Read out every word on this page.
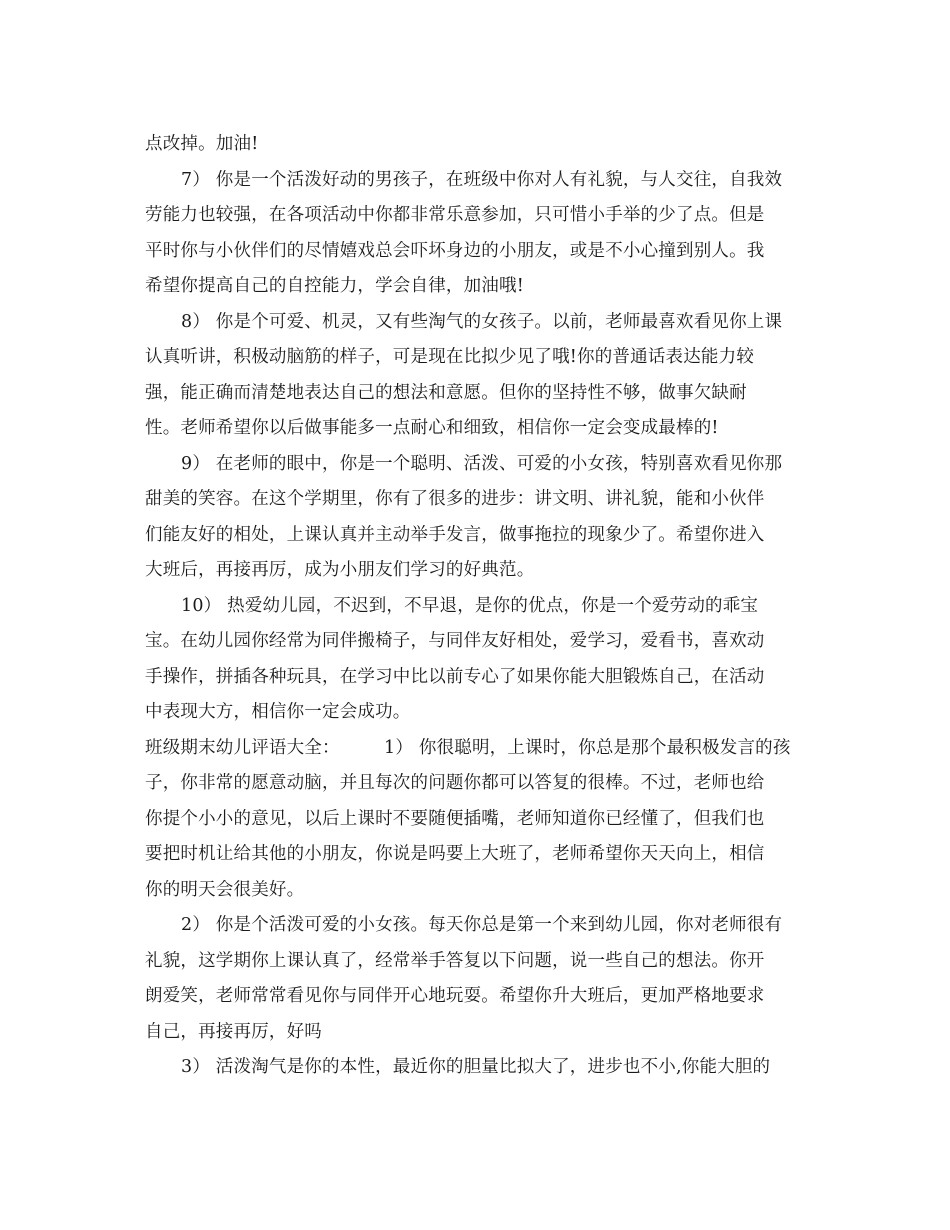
点改掉。加油!
7） 你是一个活泼好动的男孩子，在班级中你对人有礼貌，与人交往，自我效
劳能力也较强，在各项活动中你都非常乐意参加，只可惜小手举的少了点。但是
平时你与小伙伴们的尽情嬉戏总会吓坏身边的小朋友，或是不小心撞到别人。我
希望你提高自己的自控能力，学会自律，加油哦!
8） 你是个可爱、机灵，又有些淘气的女孩子。以前，老师最喜欢看见你上课
认真听讲，积极动脑筋的样子，可是现在比拟少见了哦!你的普通话表达能力较
强，能正确而清楚地表达自己的想法和意愿。但你的坚持性不够，做事欠缺耐
性。老师希望你以后做事能多一点耐心和细致，相信你一定会变成最棒的!
9） 在老师的眼中，你是一个聪明、活泼、可爱的小女孩，特别喜欢看见你那
甜美的笑容。在这个学期里，你有了很多的进步：讲文明、讲礼貌，能和小伙伴
们能友好的相处，上课认真并主动举手发言，做事拖拉的现象少了。希望你进入
大班后，再接再厉，成为小朋友们学习的好典范。
10） 热爱幼儿园，不迟到，不早退，是你的优点，你是一个爱劳动的乖宝
宝。在幼儿园你经常为同伴搬椅子，与同伴友好相处，爱学习，爱看书，喜欢动
手操作，拼插各种玩具，在学习中比以前专心了如果你能大胆锻炼自己，在活动
中表现大方，相信你一定会成功。
班级期末幼儿评语大全：　　　1） 你很聪明，上课时，你总是那个最积极发言的孩
子，你非常的愿意动脑，并且每次的问题你都可以答复的很棒。不过，老师也给
你提个小小的意见，以后上课时不要随便插嘴，老师知道你已经懂了，但我们也
要把时机让给其他的小朋友，你说是吗要上大班了，老师希望你天天向上，相信
你的明天会很美好。
2） 你是个活泼可爱的小女孩。每天你总是第一个来到幼儿园，你对老师很有
礼貌，这学期你上课认真了，经常举手答复以下问题，说一些自己的想法。你开
朗爱笑，老师常常看见你与同伴开心地玩耍。希望你升大班后，更加严格地要求
自己，再接再厉，好吗
3） 活泼淘气是你的本性，最近你的胆量比拟大了，进步也不小,你能大胆的
